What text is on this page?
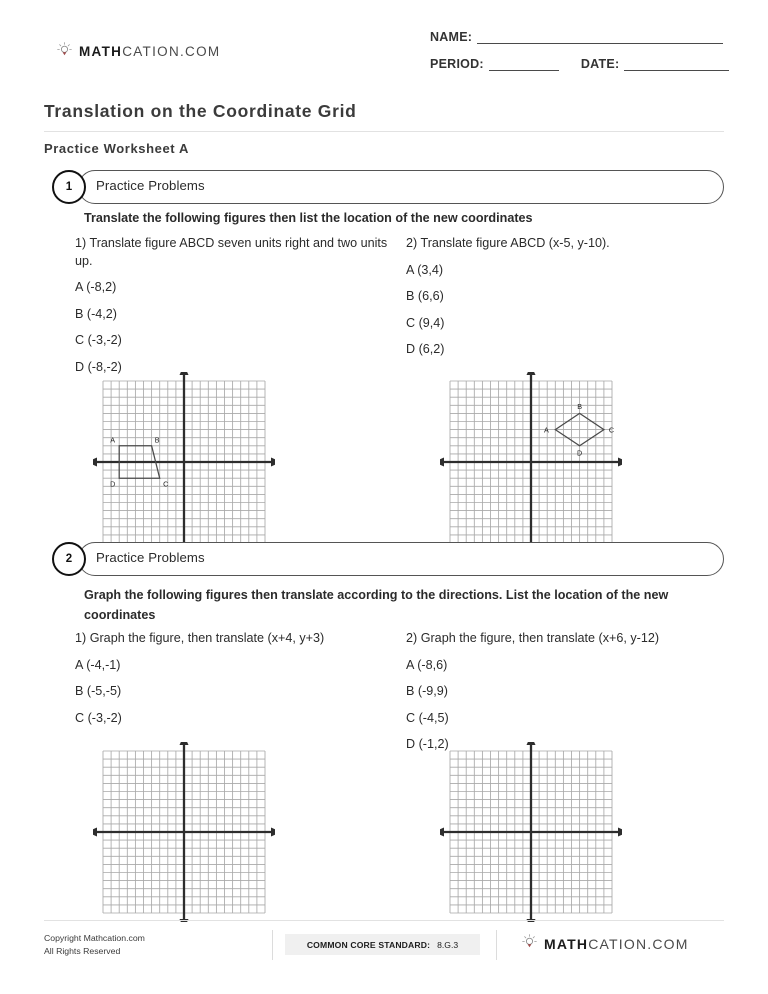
MATHCATION.COM
NAME:
PERIOD:	DATE:
Translation on the Coordinate Grid
Practice Worksheet A
1	Practice Problems
Translate the following figures then list the location of the new coordinates
1) Translate figure ABCD seven units right and two units up.
A (-8,2)
B (-4,2)
C (-3,-2)
D (-8,-2)
2) Translate figure ABCD (x-5, y-10).
A (3,4)
B (6,6)
C (9,4)
D (6,2)
A	B
C
D
A
B
C
D
2	Practice Problems
Graph the following figures then translate according to the directions. List the location of the new coordinates
1) Graph the figure, then translate (x+4, y+3)
A (-4,-1)
B (-5,-5)
C (-3,-2)
2) Graph the figure, then translate (x+6, y-12)
A (-8,6)
B (-9,9)
C (-4,5)
D (-1,2)
Copyright Mathcation.com
All Rights Reserved
COMMON CORE STANDARD: 8.G.3	MATHCATION.COM
